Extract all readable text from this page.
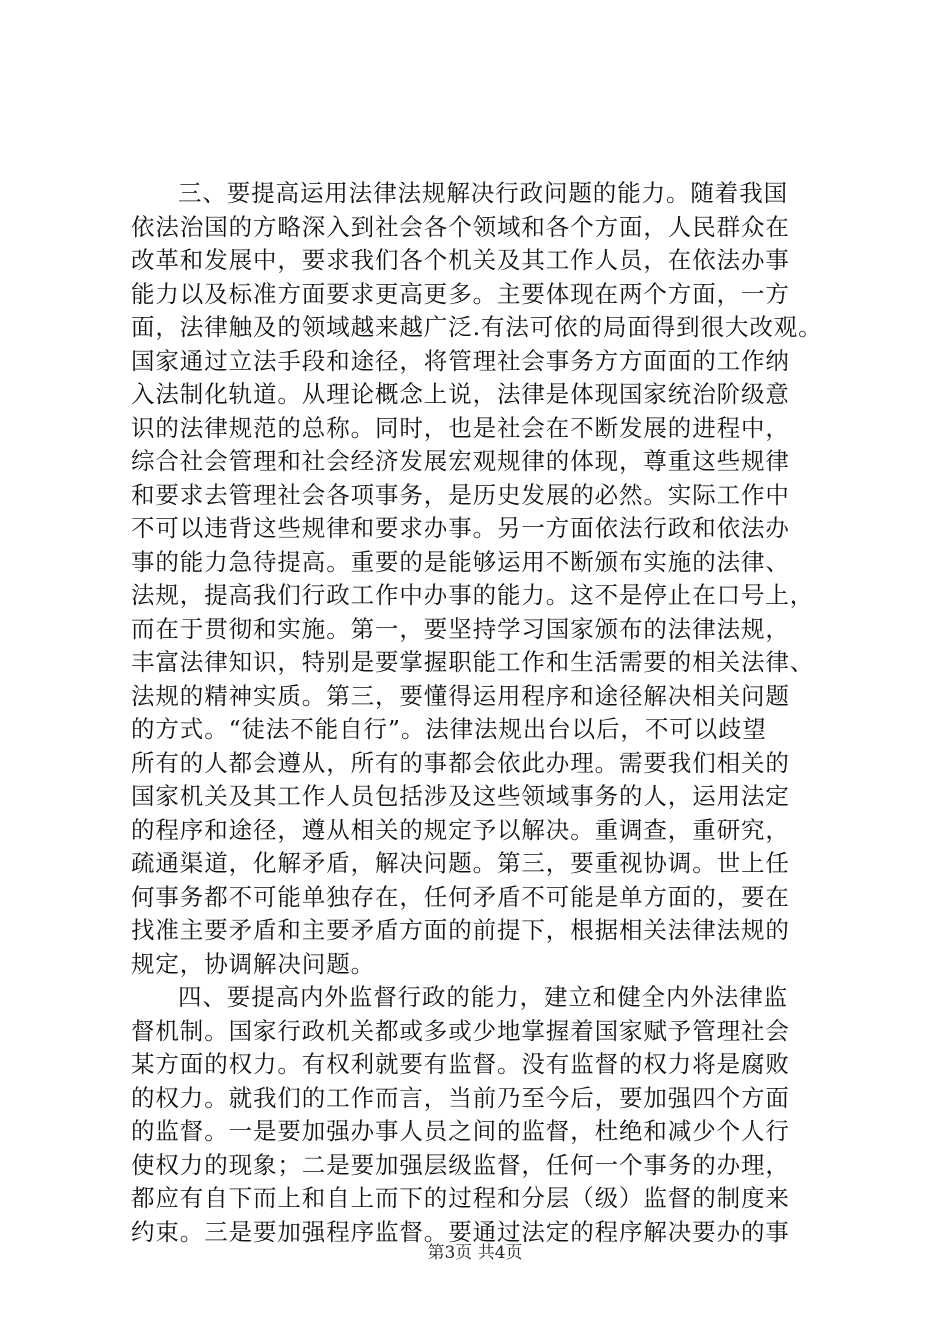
三、要提高运用法律法规解决行政问题的能力。随着我国
依法治国的方略深入到社会各个领域和各个方面，人民群众在
改革和发展中，要求我们各个机关及其工作人员，在依法办事
能力以及标准方面要求更高更多。主要体现在两个方面，一方
面，法律触及的领域越来越广泛.有法可依的局面得到很大改观。
国家通过立法手段和途径，将管理社会事务方方面面的工作纳
入法制化轨道。从理论概念上说，法律是体现国家统治阶级意
识的法律规范的总称。同时，也是社会在不断发展的进程中，
综合社会管理和社会经济发展宏观规律的体现，尊重这些规律
和要求去管理社会各项事务，是历史发展的必然。实际工作中
不可以违背这些规律和要求办事。另一方面依法行政和依法办
事的能力急待提高。重要的是能够运用不断颁布实施的法律、
法规，提高我们行政工作中办事的能力。这不是停止在口号上，
而在于贯彻和实施。第一，要坚持学习国家颁布的法律法规，
丰富法律知识，特别是要掌握职能工作和生活需要的相关法律、
法规的精神实质。第三，要懂得运用程序和途径解决相关问题
的方式。“徒法不能自行”。法律法规出台以后，不可以歧望
所有的人都会遵从，所有的事都会依此办理。需要我们相关的
国家机关及其工作人员包括涉及这些领域事务的人，运用法定
的程序和途径，遵从相关的规定予以解决。重调查，重研究，
疏通渠道，化解矛盾，解决问题。第三，要重视协调。世上任
何事务都不可能单独存在，任何矛盾不可能是单方面的，要在
找准主要矛盾和主要矛盾方面的前提下，根据相关法律法规的
规定，协调解决问题。
四、要提高内外监督行政的能力，建立和健全内外法律监
督机制。国家行政机关都或多或少地掌握着国家赋予管理社会
某方面的权力。有权利就要有监督。没有监督的权力将是腐败
的权力。就我们的工作而言，当前乃至今后，要加强四个方面
的监督。一是要加强办事人员之间的监督，杜绝和减少个人行
使权力的现象；二是要加强层级监督，任何一个事务的办理，
都应有自下而上和自上而下的过程和分层（级）监督的制度来
约束。三是要加强程序监督。要通过法定的程序解决要办的事
第3页 共4页
